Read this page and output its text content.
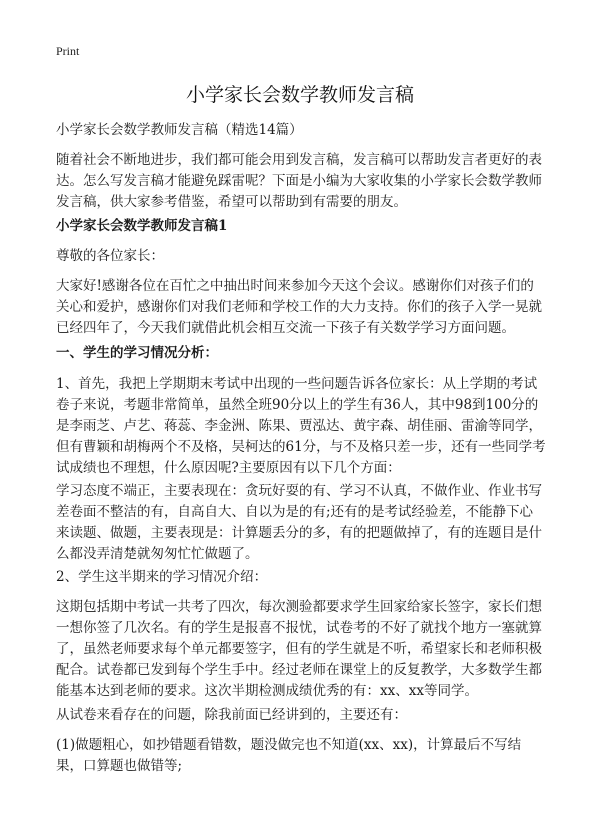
Print
小学家长会数学教师发言稿
小学家长会数学教师发言稿（精选14篇）
随着社会不断地进步，我们都可能会用到发言稿，发言稿可以帮助发言者更好的表达。怎么写发言稿才能避免踩雷呢？下面是小编为大家收集的小学家长会数学教师发言稿，供大家参考借鉴，希望可以帮助到有需要的朋友。
小学家长会数学教师发言稿1
尊敬的各位家长：
大家好!感谢各位在百忙之中抽出时间来参加今天这个会议。感谢你们对孩子们的关心和爱护，感谢你们对我们老师和学校工作的大力支持。你们的孩子入学一晃就已经四年了，今天我们就借此机会相互交流一下孩子有关数学学习方面问题。
一、学生的学习情况分析：
1、首先，我把上学期期末考试中出现的一些问题告诉各位家长：从上学期的考试卷子来说，考题非常简单，虽然全班90分以上的学生有36人，其中98到100分的是李雨芝、卢艺、蒋蕊、李金洲、陈果、贾泓达、黄宇森、胡佳丽、雷渝等同学，但有曹颖和胡梅两个不及格，吴柯达的61分，与不及格只差一步，还有一些同学考试成绩也不理想，什么原因呢?主要原因有以下几个方面：
学习态度不端正，主要表现在：贪玩好耍的有、学习不认真，不做作业、作业书写差卷面不整洁的有，自高自大、自以为是的有;还有的是考试经验差，不能静下心来读题、做题，主要表现是：计算题丢分的多，有的把题做掉了，有的连题目是什么都没弄清楚就匆匆忙忙做题了。
2、学生这半期来的学习情况介绍：
这期包括期中考试一共考了四次，每次测验都要求学生回家给家长签字，家长们想一想你签了几次名。有的学生是报喜不报忧，试卷考的不好了就找个地方一塞就算了，虽然老师要求每个单元都要签字，但有的学生就是不听，希望家长和老师积极配合。试卷都已发到每个学生手中。经过老师在课堂上的反复教学，大多数学生都能基本达到老师的要求。这次半期检测成绩优秀的有：xx、xx等同学。
从试卷来看存在的问题，除我前面已经讲到的，主要还有：
(1)做题粗心，如抄错题看错数，题没做完也不知道(xx、xx)，计算最后不写结果，口算题也做错等;
